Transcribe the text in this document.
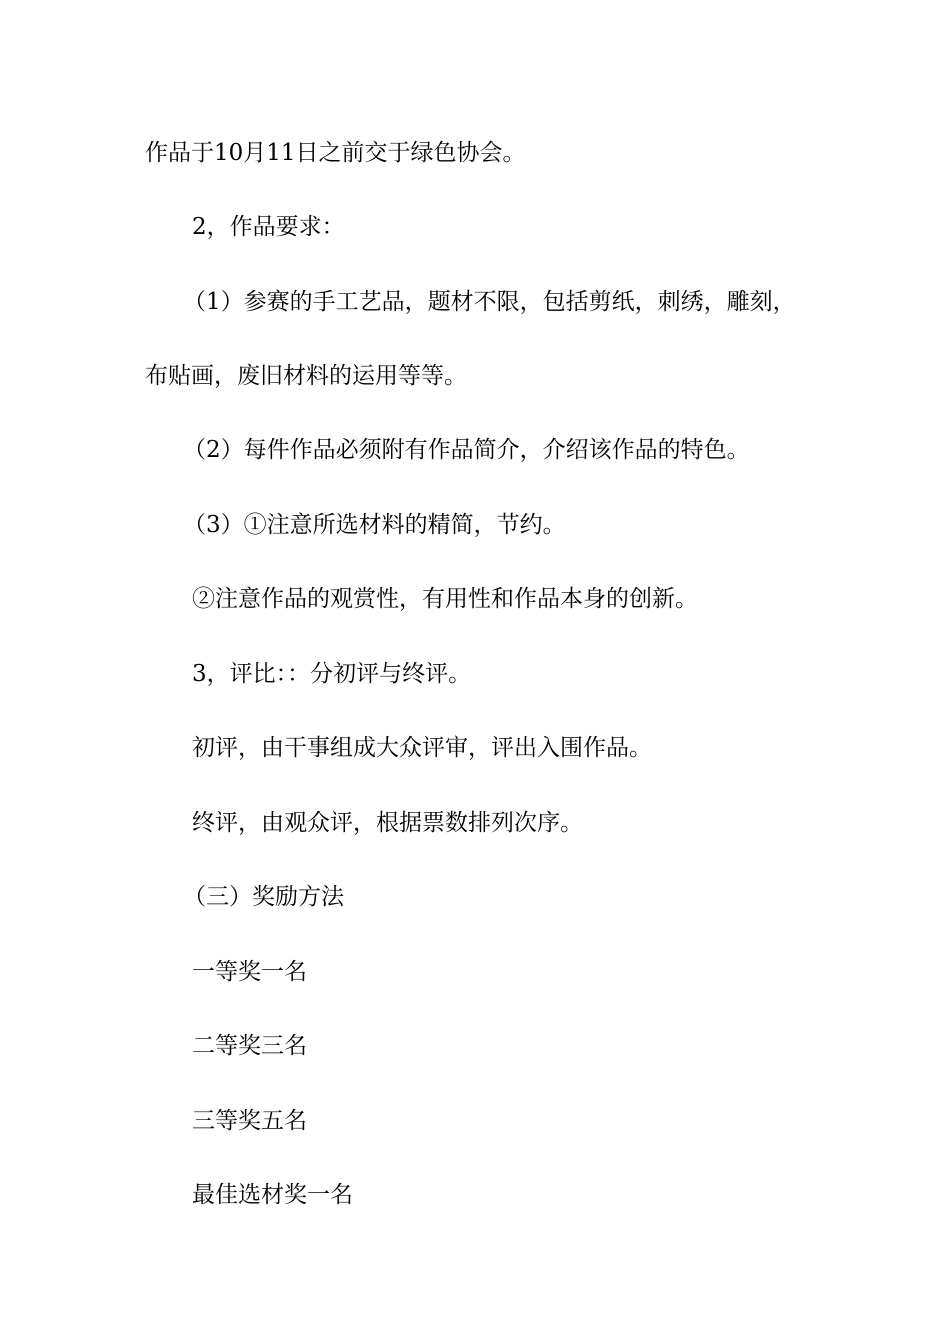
作品于10月11日之前交于绿色协会。
2，作品要求：
（1）参赛的手工艺品，题材不限，包括剪纸，刺绣，雕刻，
布贴画，废旧材料的运用等等。
（2）每件作品必须附有作品简介，介绍该作品的特色。
（3）①注意所选材料的精简，节约。
②注意作品的观赏性，有用性和作品本身的创新。
3，评比：：分初评与终评。
初评，由干事组成大众评审，评出入围作品。
终评，由观众评，根据票数排列次序。
（三）奖励方法
一等奖一名
二等奖三名
三等奖五名
最佳选材奖一名
